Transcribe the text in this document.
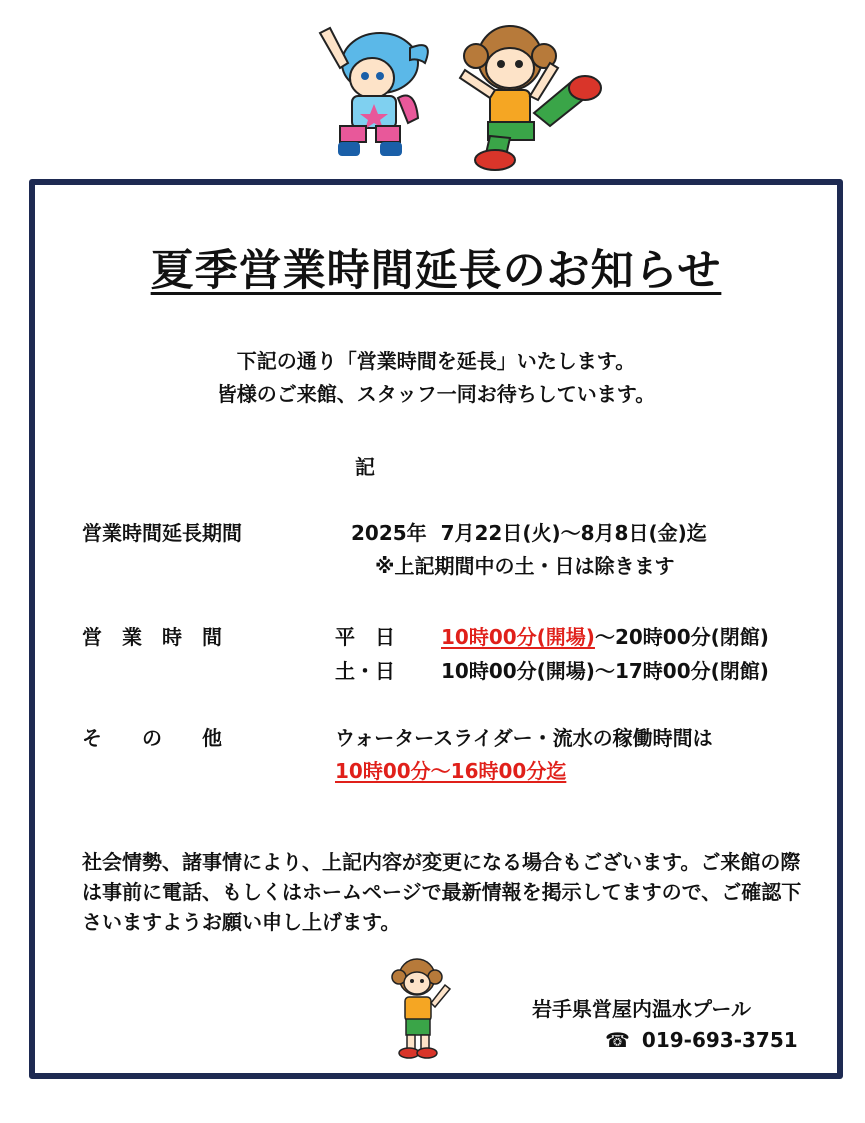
夏季営業時間延長のお知らせ
下記の通り「営業時間を延長」いたします。
皆様のご来館、スタッフ一同お待ちしています。
記
営業時間延長期間	2025年  7月22日(火)～8月8日(金)迄
※上記期間中の土・日は除きます
営　業　時　間	平　日 10時00分(開場)～20時00分(閉館)
土・日 10時00分(開場)～17時00分(閉館)
そ　　の　　他	ウォータースライダー・流水の稼働時間は
10時00分～16時00分迄
社会情勢、諸事情により、上記内容が変更になる場合もございます。ご来館の際は事前に電話、もしくはホームページで最新情報を掲示してますので、ご確認下さいますようお願い申し上げます。
岩手県営屋内温水プール
☎ 019-693-3751
